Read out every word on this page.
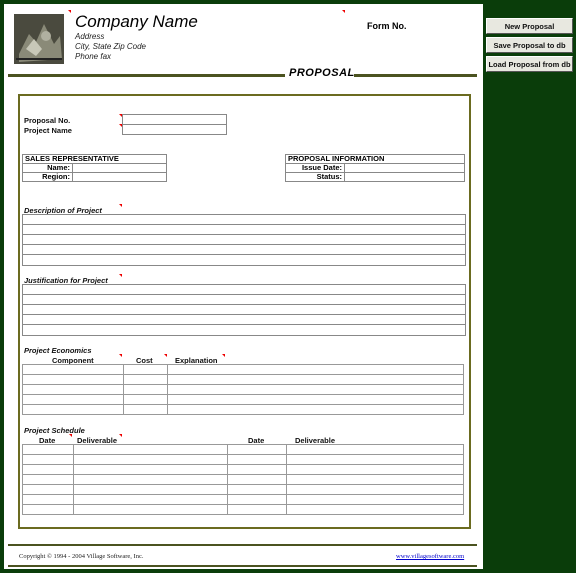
Company Name
Address
City, State Zip Code
Phone fax
Form No.
PROPOSAL
Proposal No.
Project Name
SALES REPRESENTATIVE	
Name:	
Region:	
PROPOSAL INFORMATION	
Issue Date:	
Status:	
Description of Project
Justification for Project
Project Economics
Component	Cost	Explanation

Project Schedule
Date	Deliverable	Date	Deliverable

Copyright © 1994 - 2004 Village Software, Inc.	www.villagesoftware.com
New Proposal
Save Proposal to db
Load Proposal from db
